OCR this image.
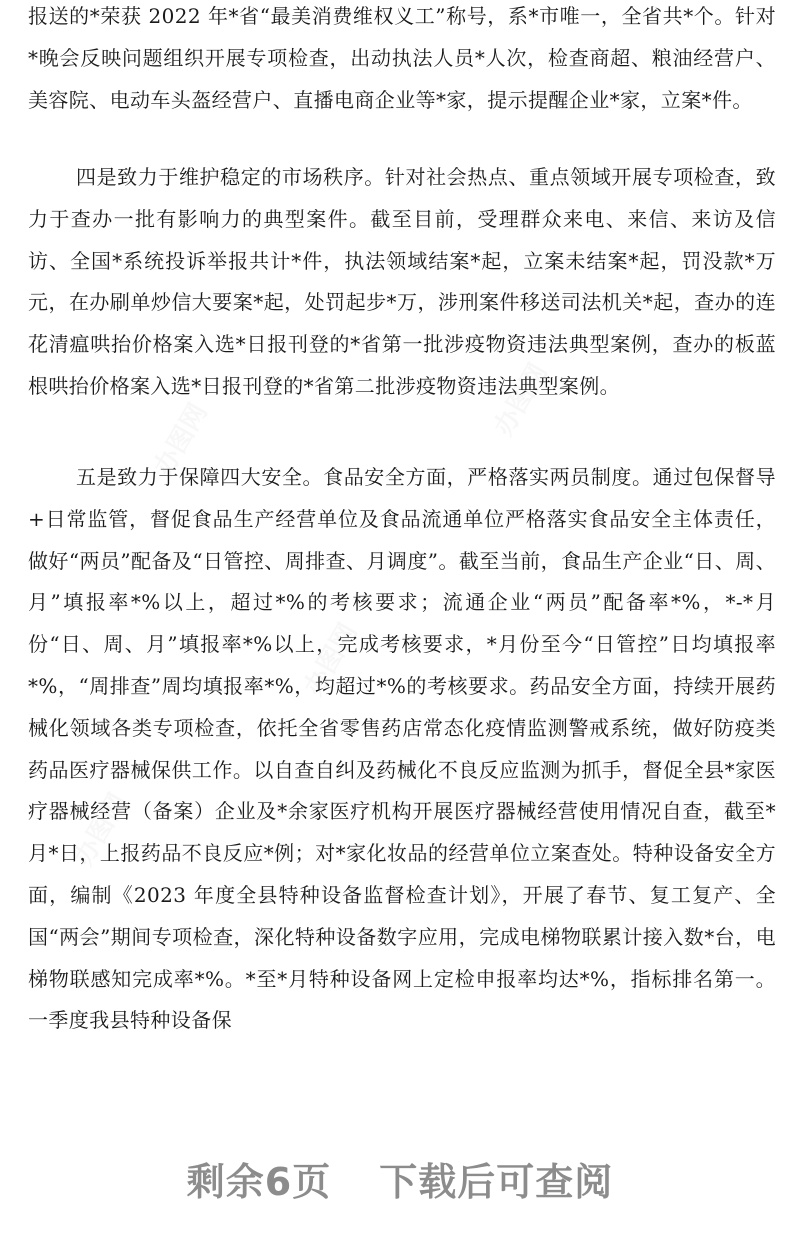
报送的*荣获 2022 年*省“最美消费维权义工”称号，系*市唯一，全省共*个。针对*晚会反映问题组织开展专项检查，出动执法人员*人次，检查商超、粮油经营户、美容院、电动车头盔经营户、直播电商企业等*家，提示提醒企业*家，立案*件。

四是致力于维护稳定的市场秩序。针对社会热点、重点领域开展专项检查，致力于查办一批有影响力的典型案件。截至目前，受理群众来电、来信、来访及信访、全国*系统投诉举报共计*件，执法领域结案*起，立案未结案*起，罚没款*万元，在办刷单炒信大要案*起，处罚起步*万，涉刑案件移送司法机关*起，查办的连花清瘟哄抬价格案入选*日报刊登的*省第一批涉疫物资违法典型案例，查办的板蓝根哄抬价格案入选*日报刊登的*省第二批涉疫物资违法典型案例。

五是致力于保障四大安全。食品安全方面，严格落实两员制度。通过包保督导+日常监管，督促食品生产经营单位及食品流通单位严格落实食品安全主体责任，做好“两员”配备及“日管控、周排查、月调度”。截至当前，食品生产企业“日、周、月”填报率*%以上，超过*%的考核要求；流通企业“两员”配备率*%，*-*月份“日、周、月”填报率*%以上，完成考核要求，*月份至今“日管控”日均填报率*%，“周排查”周均填报率*%，均超过*%的考核要求。药品安全方面，持续开展药械化领域各类专项检查，依托全省零售药店常态化疫情监测警戒系统，做好防疫类药品医疗器械保供工作。以自查自纠及药械化不良反应监测为抓手，督促全县*家医疗器械经营（备案）企业及*余家医疗机构开展医疗器械经营使用情况自查，截至*月*日，上报药品不良反应*例；对*家化妆品的经营单位立案查处。特种设备安全方面，编制《2023 年度全县特种设备监督检查计划》，开展了春节、复工复产、全国“两会”期间专项检查，深化特种设备数字应用，完成电梯物联累计接入数*台，电梯物联感知完成率*%。*至*月特种设备网上定检申报率均达*%，指标排名第一。一季度我县特种设备保

办图网
办图网
办图网
办图网
剩余6页 下载后可查阅
